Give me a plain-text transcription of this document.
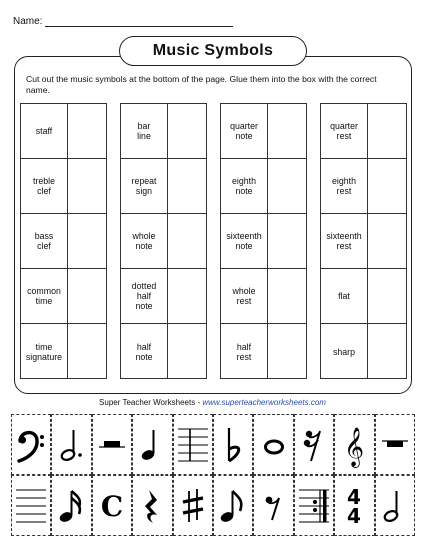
Name:
Music Symbols
Cut out the music symbols at the bottom of the page. Glue them into the box with the correct name.
staff
treble
clef
bass
clef
common
time
time
signature
bar
line
repeat
sign
whole
note
dotted
half
note
half
note
quarter
note
eighth
note
sixteenth
note
whole
rest
half
rest
quarter
rest
eighth
rest
sixteenth
rest
flat
sharp
Super Teacher Worksheets - www.superteacherworksheets.com
𝄞
C	4
4
